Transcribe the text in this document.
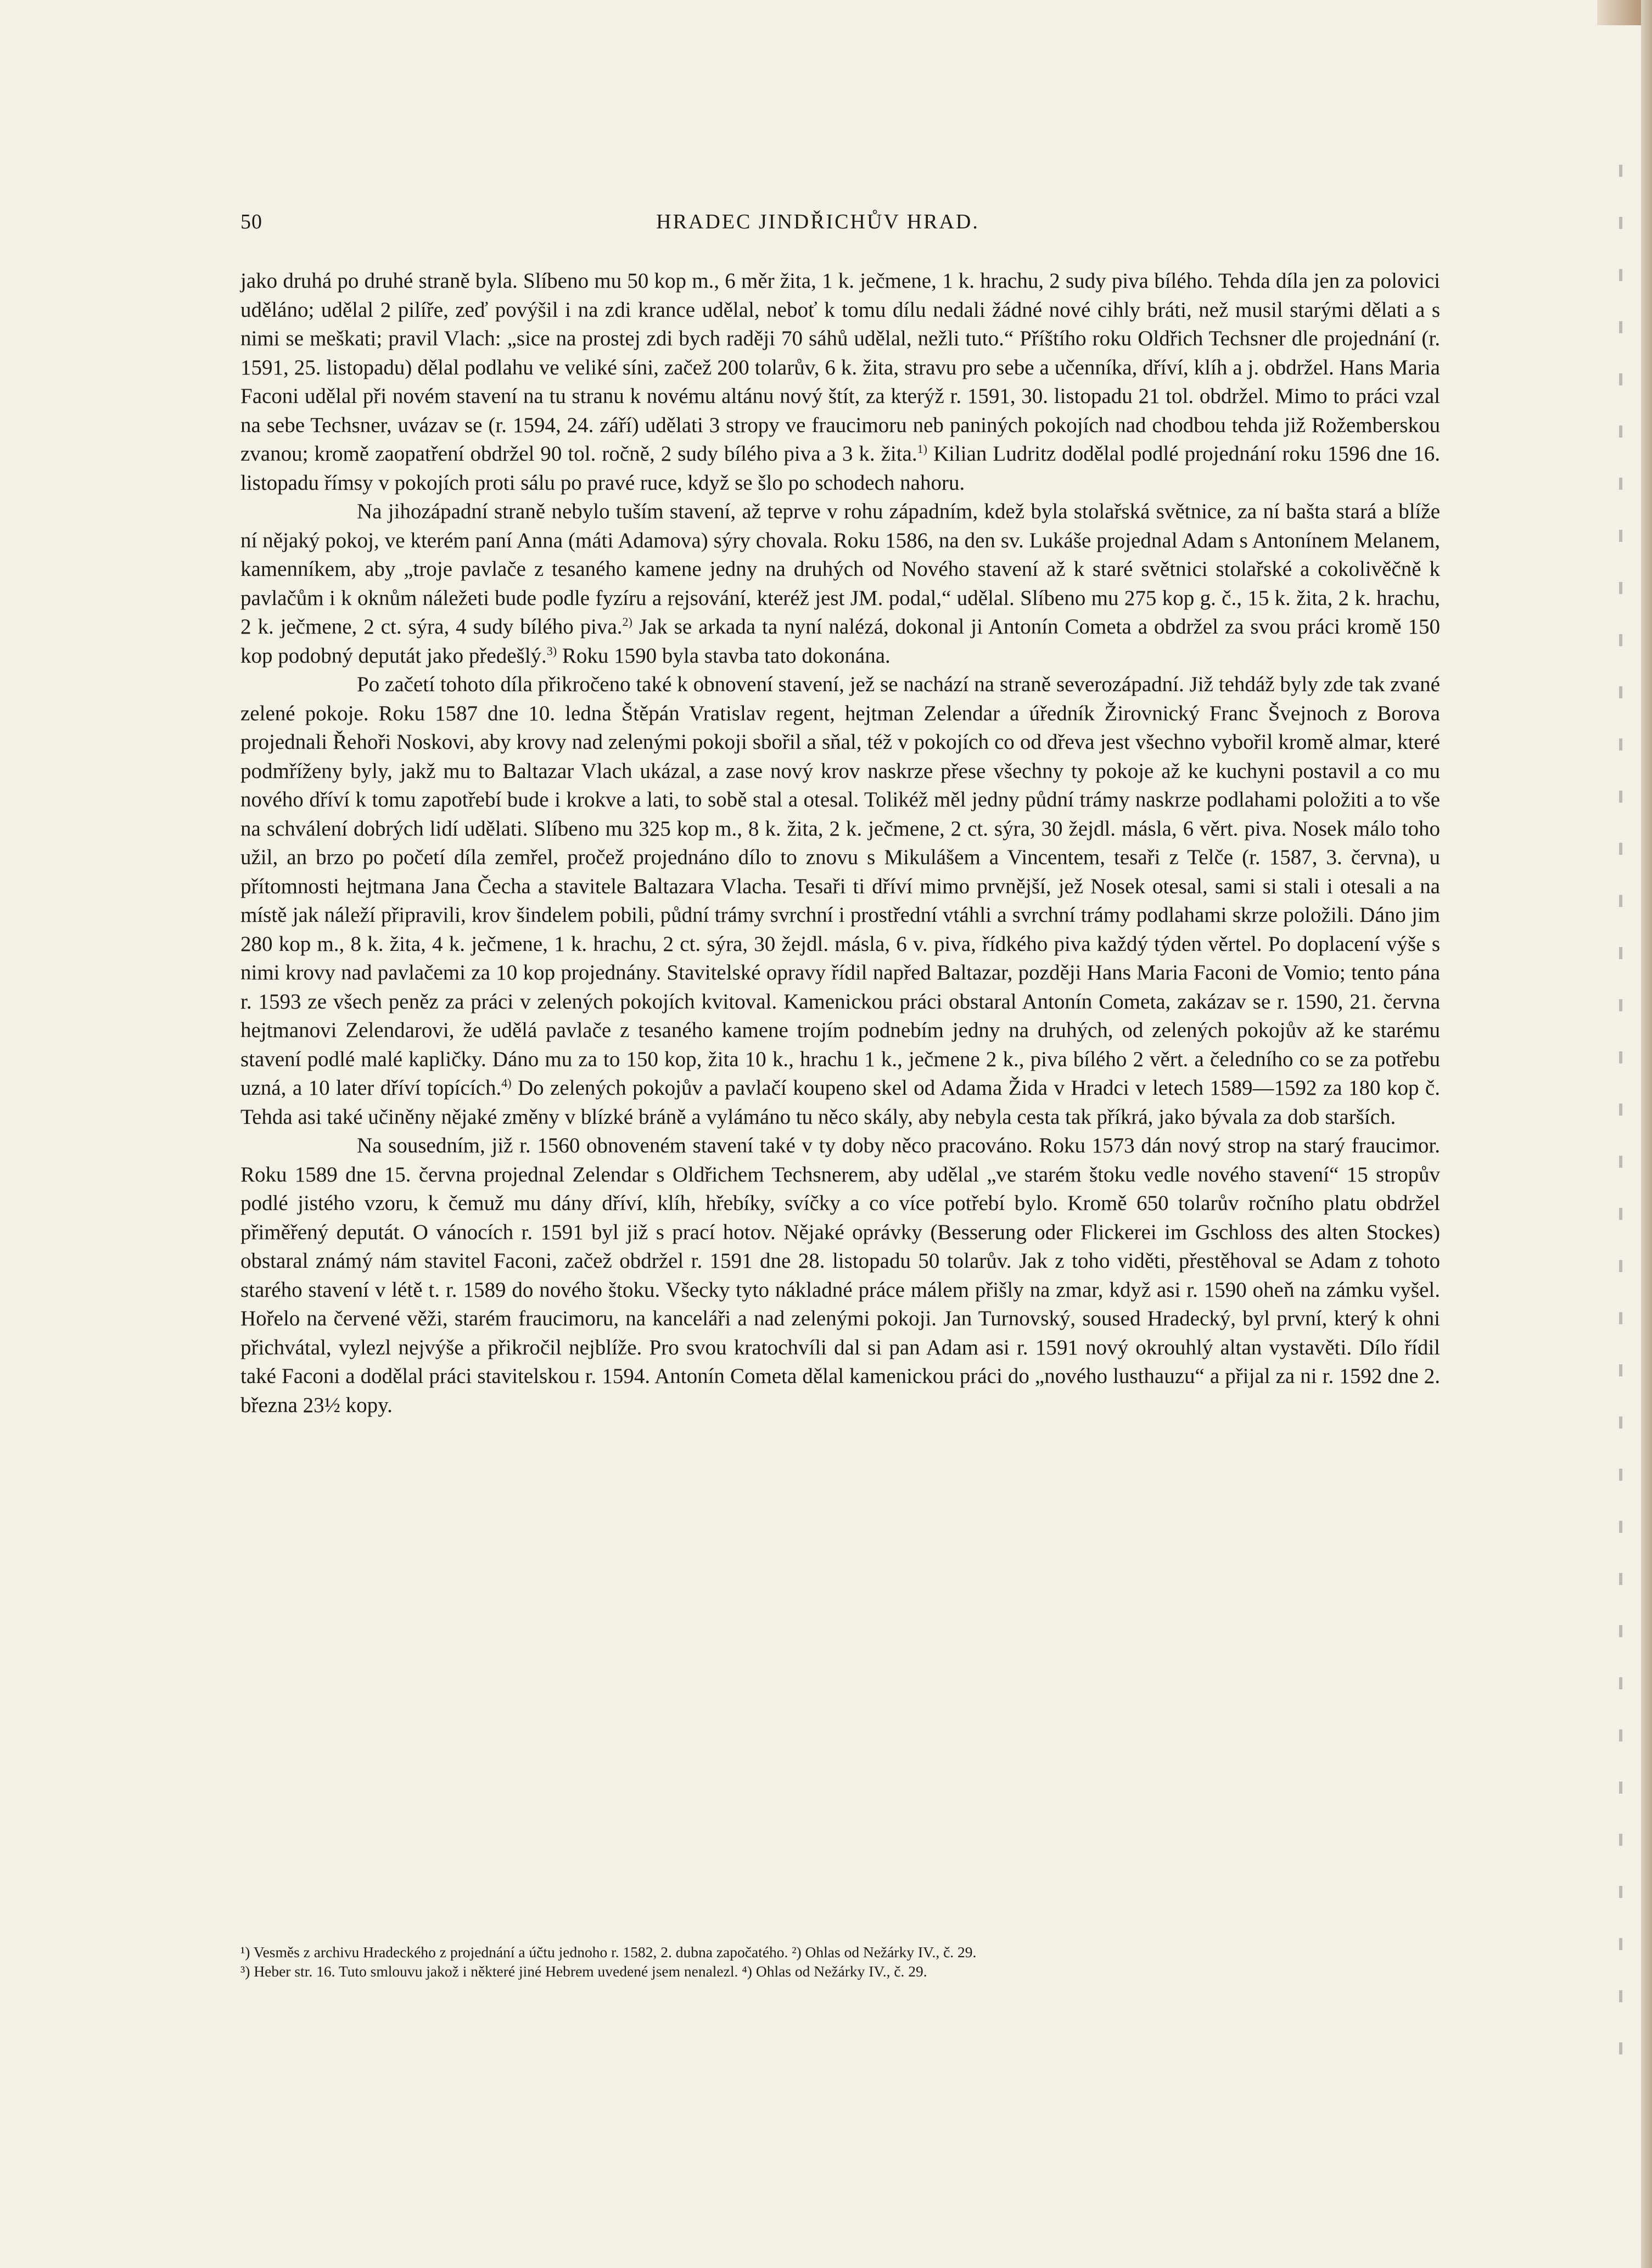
50	HRADEC JINDŘICHŮV HRAD.

jako druhá po druhé straně byla. Slíbeno mu 50 kop m., 6 měr žita, 1 k. ječmene, 1 k. hrachu, 2 sudy piva bílého. Tehda díla jen za polovici uděláno; udělal 2 pilíře, zeď povýšil i na zdi krance udělal, neboť k tomu dílu nedali žádné nové cihly bráti, než musil starými dělati a s nimi se meškati; pravil Vlach: „sice na prostej zdi bych raději 70 sáhů udělal, nežli tuto.“ Příštího roku Oldřich Techsner dle projednání (r. 1591, 25. listopadu) dělal podlahu ve veliké síni, začež 200 tolarův, 6 k. žita, stravu pro sebe a učenníka, dříví, klíh a j. obdržel. Hans Maria Faconi udělal při novém stavení na tu stranu k novému altánu nový štít, za kterýž r. 1591, 30. listopadu 21 tol. obdržel. Mimo to práci vzal na sebe Techsner, uvázav se (r. 1594, 24. září) udělati 3 stropy ve fraucimoru neb paniných pokojích nad chodbou tehda již Rožemberskou zvanou; kromě zaopatření obdržel 90 tol. ročně, 2 sudy bílého piva a 3 k. žita.$^{1)}$ Kilian Ludritz dodělal podlé projednání roku 1596 dne 16. listopadu římsy v pokojích proti sálu po pravé ruce, když se šlo po schodech nahoru.

Na jihozápadní straně nebylo tuším stavení, až teprve v rohu západním, kdež byla stolařská světnice, za ní bašta stará a blíže ní nějaký pokoj, ve kterém paní Anna (máti Adamova) sýry chovala. Roku 1586, na den sv. Lukáše projednal Adam s Antonínem Melanem, kamenníkem, aby „troje pavlače z tesaného kamene jedny na druhých od Nového stavení až k staré světnici stolařské a cokolivěčně k pavlačům i k oknům náležeti bude podle fyzíru a rejsování, kteréž jest JM. podal,“ udělal. Slíbeno mu 275 kop g. č., 15 k. žita, 2 k. hrachu, 2 k. ječmene, 2 ct. sýra, 4 sudy bílého piva.$^{2)}$ Jak se arkada ta nyní nalézá, dokonal ji Antonín Cometa a obdržel za svou práci kromě 150 kop podobný deputát jako předešlý.$^{3)}$ Roku 1590 byla stavba tato dokonána.

Po začetí tohoto díla přikročeno také k obnovení stavení, jež se nachází na straně severozápadní. Již tehdáž byly zde tak zvané zelené pokoje. Roku 1587 dne 10. ledna Štěpán Vratislav regent, hejtman Zelendar a úředník Žirovnický Franc Švejnoch z Borova projednali Řehoři Noskovi, aby krovy nad zelenými pokoji sbořil a sňal, též v pokojích co od dřeva jest všechno vybořil kromě almar, které podmříženy byly, jakž mu to Baltazar Vlach ukázal, a zase nový krov naskrze přese všechny ty pokoje až ke kuchyni postavil a co mu nového dříví k tomu zapotřebí bude i krokve a lati, to sobě stal a otesal. Tolikéž měl jedny půdní trámy naskrze podlahami položiti a to vše na schválení dobrých lidí udělati. Slíbeno mu 325 kop m., 8 k. žita, 2 k. ječmene, 2 ct. sýra, 30 žejdl. másla, 6 věrt. piva. Nosek málo toho užil, an brzo po početí díla zemřel, pročež projednáno dílo to znovu s Mikulášem a Vincentem, tesaři z Telče (r. 1587, 3. června), u přítomnosti hejtmana Jana Čecha a stavitele Baltazara Vlacha. Tesaři ti dříví mimo prvnější, jež Nosek otesal, sami si stali i otesali a na místě jak náleží připravili, krov šindelem pobili, půdní trámy svrchní i prostřední vtáhli a svrchní trámy podlahami skrze položili. Dáno jim 280 kop m., 8 k. žita, 4 k. ječmene, 1 k. hrachu, 2 ct. sýra, 30 žejdl. másla, 6 v. piva, řídkého piva každý týden věrtel. Po doplacení výše s nimi krovy nad pavlačemi za 10 kop projednány. Stavitelské opravy řídil napřed Baltazar, později Hans Maria Faconi de Vomio; tento pána r. 1593 ze všech peněz za práci v zelených pokojích kvitoval. Kamenickou práci obstaral Antonín Cometa, zakázav se r. 1590, 21. června hejtmanovi Zelendarovi, že udělá pavlače z tesaného kamene trojím podnebím jedny na druhých, od zelených pokojův až ke starému stavení podlé malé kapličky. Dáno mu za to 150 kop, žita 10 k., hrachu 1 k., ječmene 2 k., piva bílého 2 věrt. a čeledního co se za potřebu uzná, a 10 later dříví topících.$^{4)}$ Do zelených pokojův a pavlačí koupeno skel od Adama Žida v Hradci v letech 1589—1592 za 180 kop č. Tehda asi také učiněny nějaké změny v blízké bráně a vylámáno tu něco skály, aby nebyla cesta tak příkrá, jako bývala za dob starších.

Na sousedním, již r. 1560 obnoveném stavení také v ty doby něco pracováno. Roku 1573 dán nový strop na starý fraucimor. Roku 1589 dne 15. června projednal Zelendar s Oldřichem Techsnerem, aby udělal „ve starém štoku vedle nového stavení“ 15 stropův podlé jistého vzoru, k čemuž mu dány dříví, klíh, hřebíky, svíčky a co více potřebí bylo. Kromě 650 tolarův ročního platu obdržel přiměřený deputát. O vánocích r. 1591 byl již s prací hotov. Nějaké oprávky (Besserung oder Flickerei im Gschloss des alten Stockes) obstaral známý nám stavitel Faconi, začež obdržel r. 1591 dne 28. listopadu 50 tolarův. Jak z toho viděti, přestěhoval se Adam z tohoto starého stavení v létě t. r. 1589 do nového štoku. Všecky tyto nákladné práce málem přišly na zmar, když asi r. 1590 oheň na zámku vyšel. Hořelo na červené věži, starém fraucimoru, na kanceláři a nad zelenými pokoji. Jan Turnovský, soused Hradecký, byl první, který k ohni přichvátal, vylezl nejvýše a přikročil nejblíže. Pro svou kratochvíli dal si pan Adam asi r. 1591 nový okrouhlý altan vystavěti. Dílo řídil také Faconi a dodělal práci stavitelskou r. 1594. Antonín Cometa dělal kamenickou práci do „nového lusthauzu“ a přijal za ni r. 1592 dne 2. března 23½ kopy.

¹) Vesměs z archivu Hradeckého z projednání a účtu jednoho r. 1582, 2. dubna započatého. ²) Ohlas od Nežárky IV., č. 29.

³) Heber str. 16. Tuto smlouvu jakož i některé jiné Hebrem uvedené jsem nenalezl. ⁴) Ohlas od Nežárky IV., č. 29.
